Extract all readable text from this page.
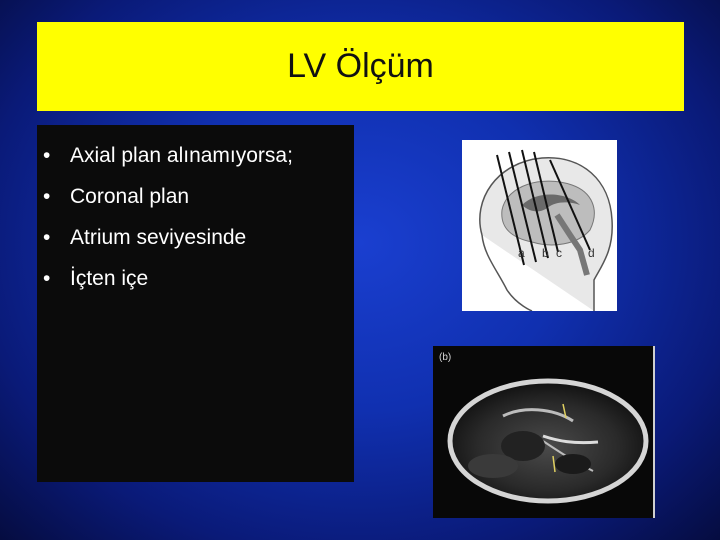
LV Ölçüm
• Axial plan alınamıyorsa;
• Coronal plan
• Atrium seviyesinde
• İçten içe
a b c d
(b)
